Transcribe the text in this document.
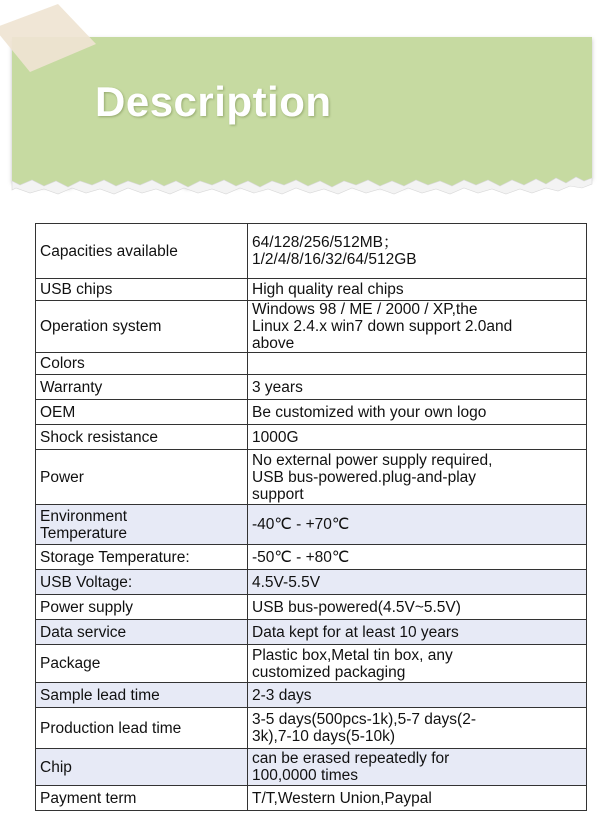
Description
Capacities available	64/128/256/512MB；
1/2/4/8/16/32/64/512GB

USB chips	High quality real chips

Operation system	Windows 98 / ME / 2000 / XP,the
Linux 2.4.x win7 down support 2.0and
above

Colors	

Warranty	3 years

OEM	Be customized with your own logo

Shock resistance	1000G

Power	No external power supply required,
USB bus-powered.plug-and-play
support

Environment
Temperature	-40℃ - +70℃

Storage Temperature:	-50℃ - +80℃

USB Voltage:	4.5V-5.5V

Power supply	USB bus-powered(4.5V~5.5V)

Data service	Data kept for at least 10 years

Package	Plastic box,Metal tin box, any
customized packaging

Sample lead time	2-3 days

Production lead time	3-5 days(500pcs-1k),5-7 days(2-
3k),7-10 days(5-10k)

Chip	can be erased repeatedly for
100,0000 times

Payment term	T/T,Western Union,Paypal
